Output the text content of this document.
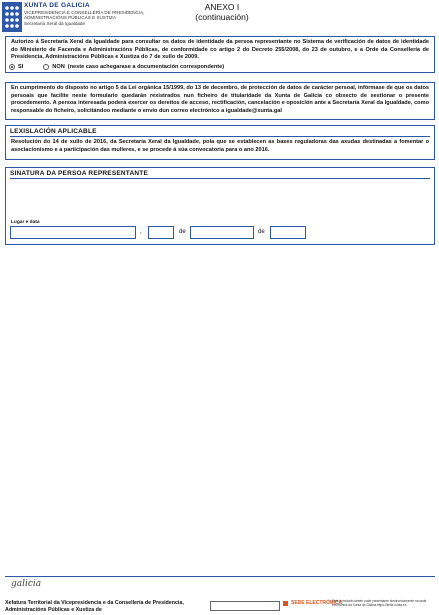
XUNTA DE GALICIA
VICEPRESIDENCIA E CONSELLERÍA DE PRESIDENCIA,
ADMINISTRACIÓNS PÚBLICAS E XUSTIZA
Secretaría Xeral da Igualdade
ANEXO I
(continuación)
Autorizo á Secretaría Xeral da Igualdade para consultar os datos de identidade da persoa representante no Sistema de verificación de datos de identidade do Ministerio de Facenda e Administracións Públicas, de conformidade co artigo 2 do Decreto 255/2008, do 23 de outubro, e a Orde da Consellería de Presidencia, Administracións Públicas e Xustiza do 7 de xullo de 2009.
SI	NON (neste caso achegarase a documentación correspondente)
En cumprimento do disposto no artigo 5 da Lei orgánica 15/1999, do 13 de decembro, de protección de datos de carácter persoal, infórmase de que os datos persoais que facilite neste formulario quedarán rexistrados nun ficheiro de titularidade da Xunta de Galicia co obxecto de xestionar o presente procedemento. A persoa interesada poderá exercer os dereitos de acceso, rectificación, cancelación e oposición ante a Secretaría Xeral da Igualdade, como responsable do ficheiro, solicitándoo mediante o envío dun correo electrónico a igualdade@xunta.gal
LEXISLACIÓN APLICABLE
Resolución do 14 de xullo de 2016, da Secretaría Xeral da Igualdade, pola que se establecen as bases reguladoras das axudas destinadas a fomentar o asociacionismo e a participación das mulleres, e se procede á súa convocatoria para o ano 2016.
SINATURA DA PERSOA REPRESENTANTE
Lugar e data
,	de	de
galicia
Xefatura Territorial da Vicepresidencia e da Consellería de Presidencia,
Administracións Públicas e Xustiza de
SEDE ELECTRÓNICA
Esta formulario tamén pode presentarse electronicamente na sede electrónica da Xunta de Galicia https://sede.xunta.es
